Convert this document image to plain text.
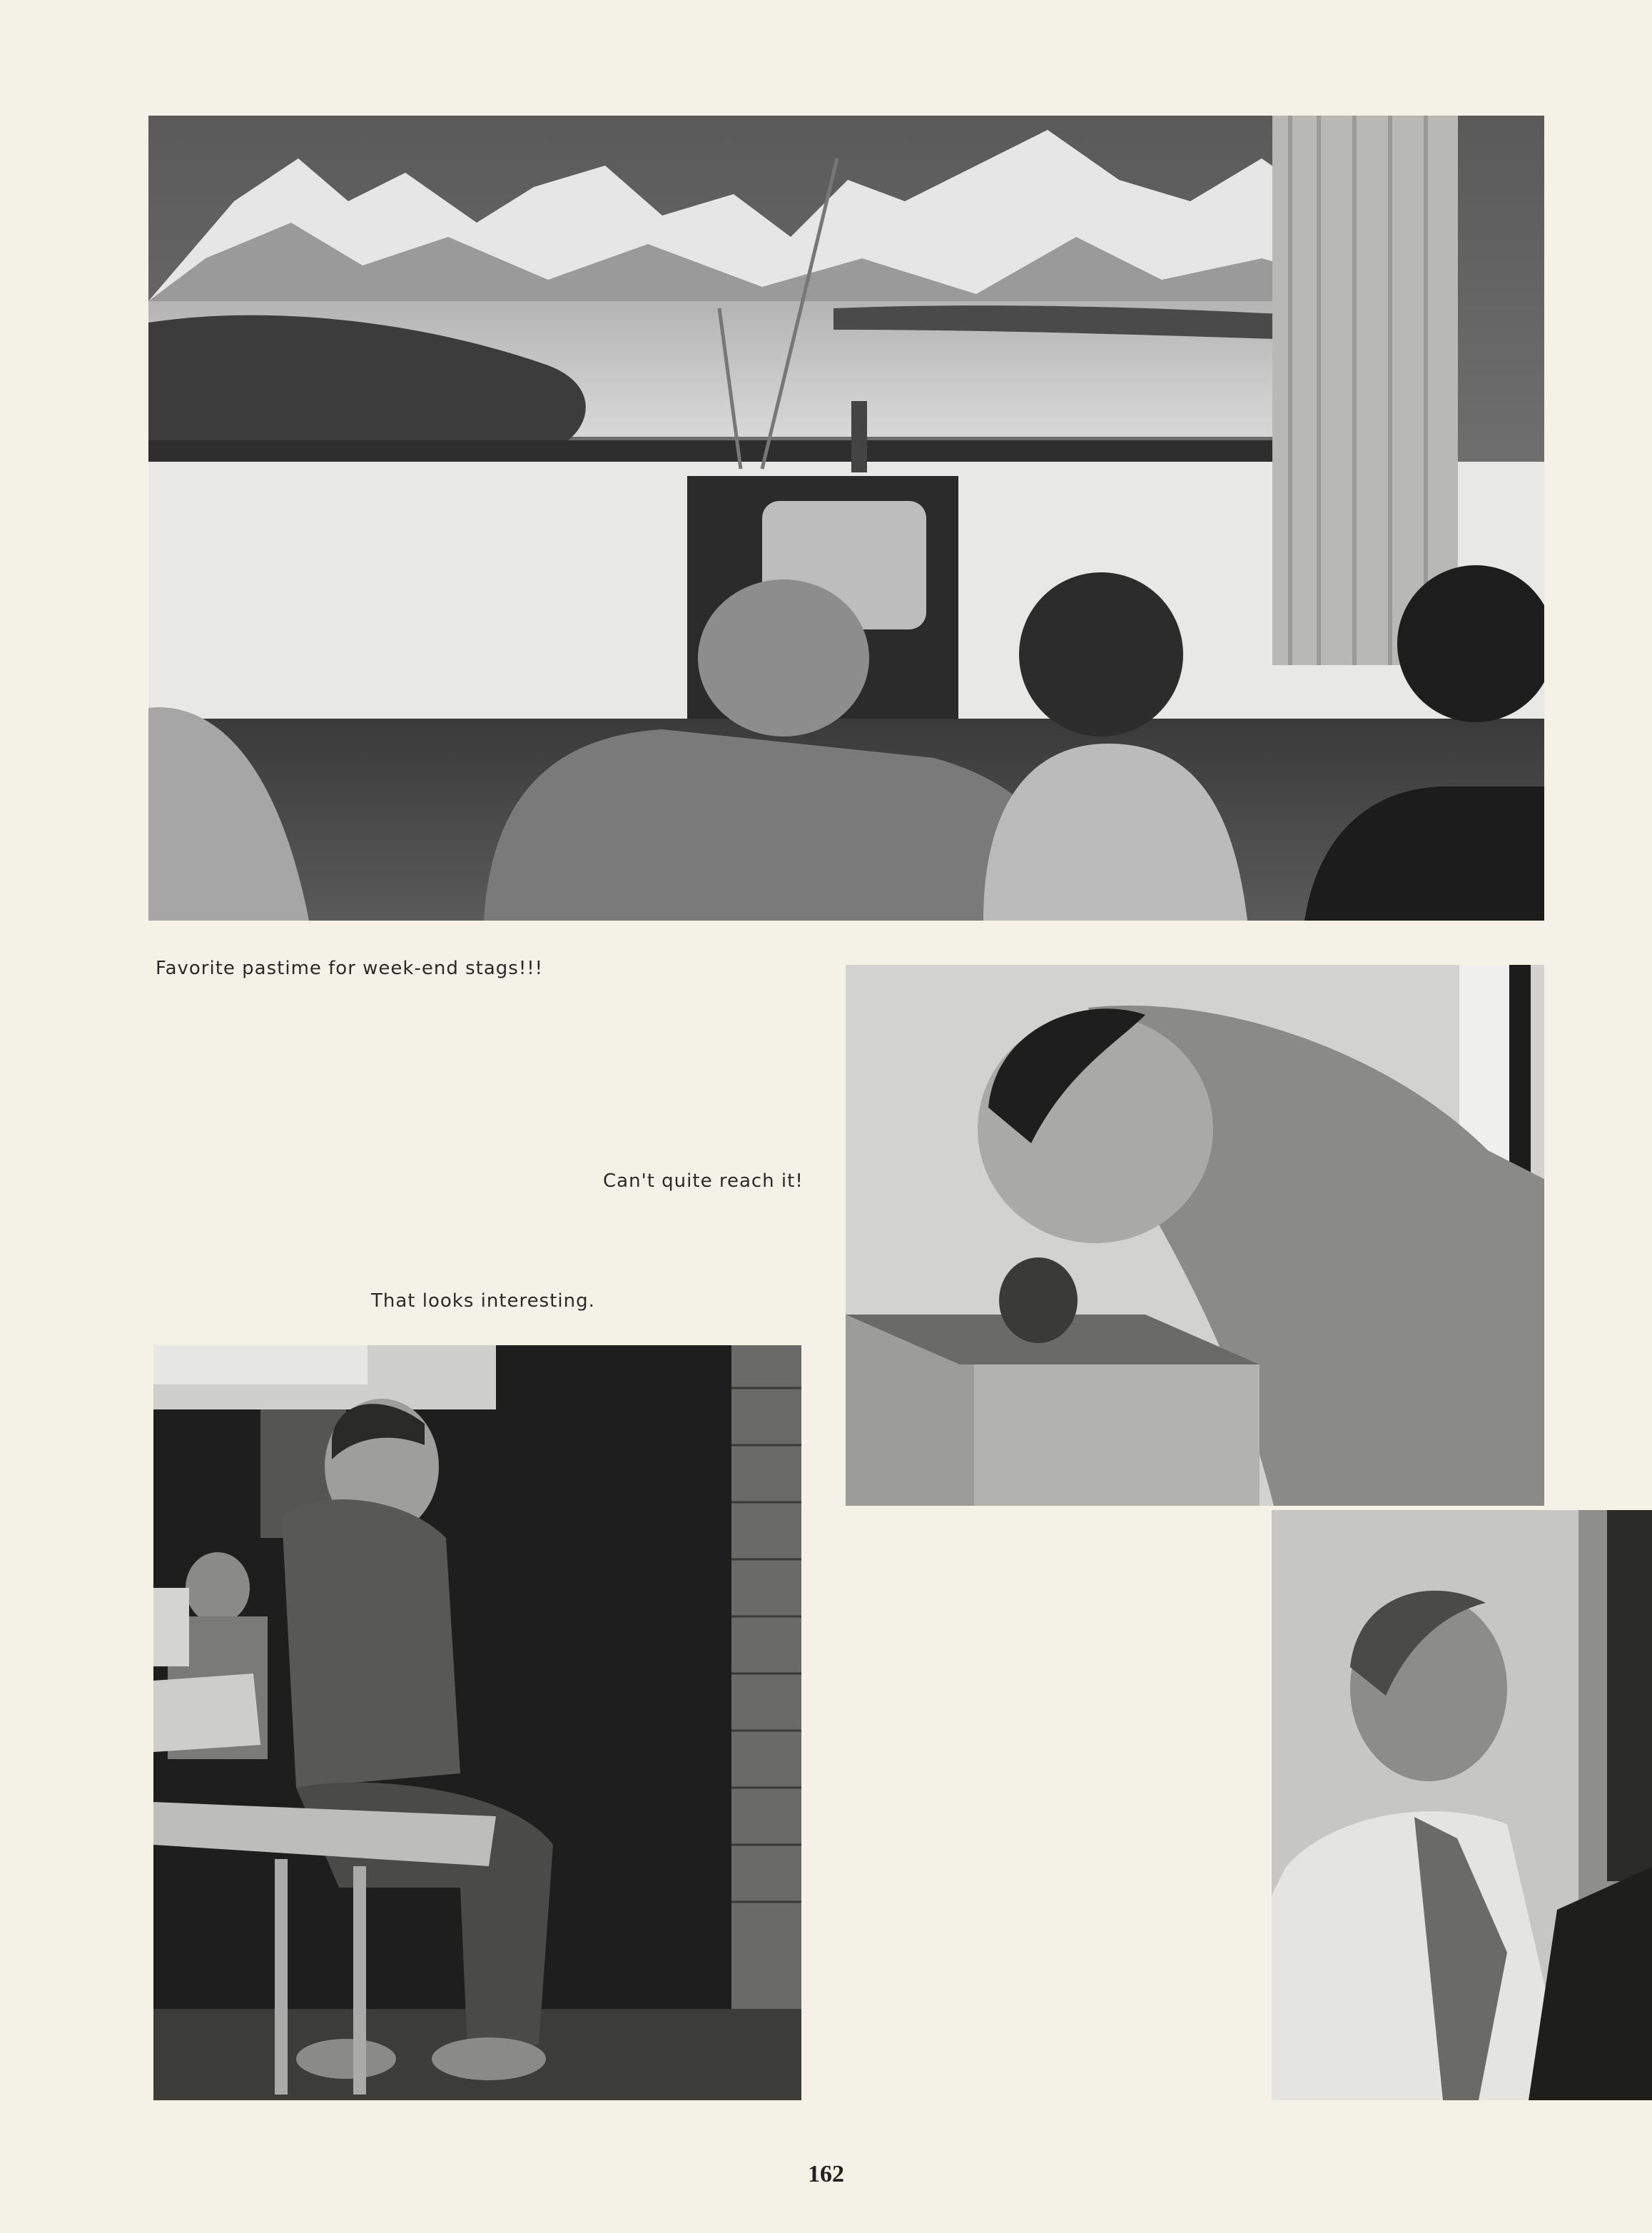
Favorite pastime for week-end stags!!!
Can't quite reach it!
That looks interesting.
162
